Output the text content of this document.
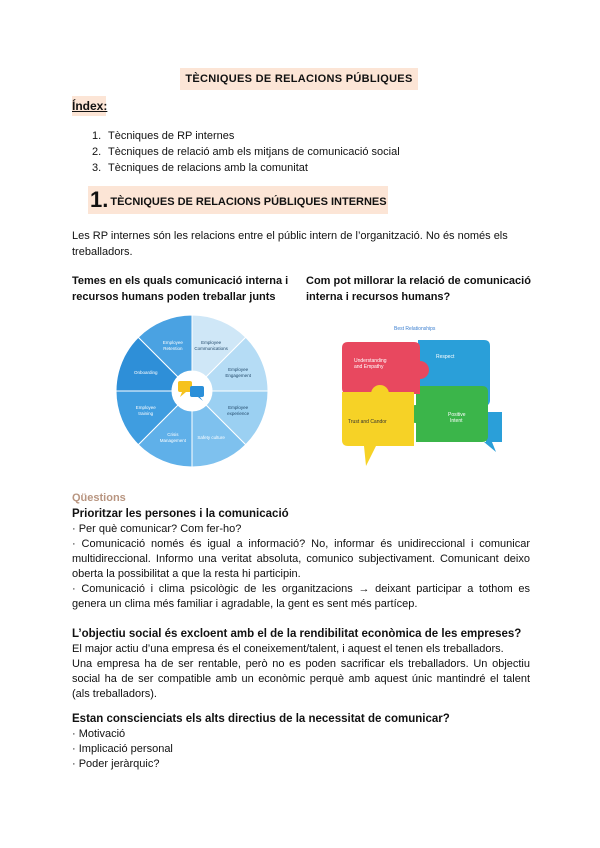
TÈCNIQUES DE RELACIONS PÚBLIQUES
Índex:
1. Tècniques de RP internes
2. Tècniques de relació amb els mitjans de comunicació social
3. Tècniques de relacions amb la comunitat
1. TÈCNIQUES DE RELACIONS PÚBLIQUES INTERNES
Les RP internes són les relacions entre el públic intern de l’organització. No és només els treballadors.
Temes en els quals comunicació interna i recursos humans poden treballar junts
Com pot millorar la relació de comunicació interna i recursos humans?
Employee
Communications
Employee
Engagement
Employee
experience
Safety culture
Crisis
Management
Employee
training
Onboarding
Employee
Retention
Best Relationships
Understanding
and Empathy
Respect
Trust and Candor
Positive
Intent
Qüestions
Prioritzar les persones i la comunicació
· Per què comunicar? Com fer-ho?
· Comunicació només és igual a informació? No, informar és unidireccional i comunicar multidireccional. Informo una veritat absoluta, comunico subjectivament. Comunicant deixo oberta la possibilitat a que la resta hi participin.
· Comunicació i clima psicològic de les organitzacions → deixant participar a tothom es genera un clima més familiar i agradable, la gent es sent més partícep.
L’objectiu social és excloent amb el de la rendibilitat econòmica de les empreses?
El major actiu d’una empresa és el coneixement/talent, i aquest el tenen els treballadors.
Una empresa ha de ser rentable, però no es poden sacrificar els treballadors. Un objectiu social ha de ser compatible amb un econòmic perquè amb aquest únic mantindré el talent (als treballadors).
Estan conscienciats els alts directius de la necessitat de comunicar?
· Motivació
· Implicació personal
· Poder jeràrquic?
